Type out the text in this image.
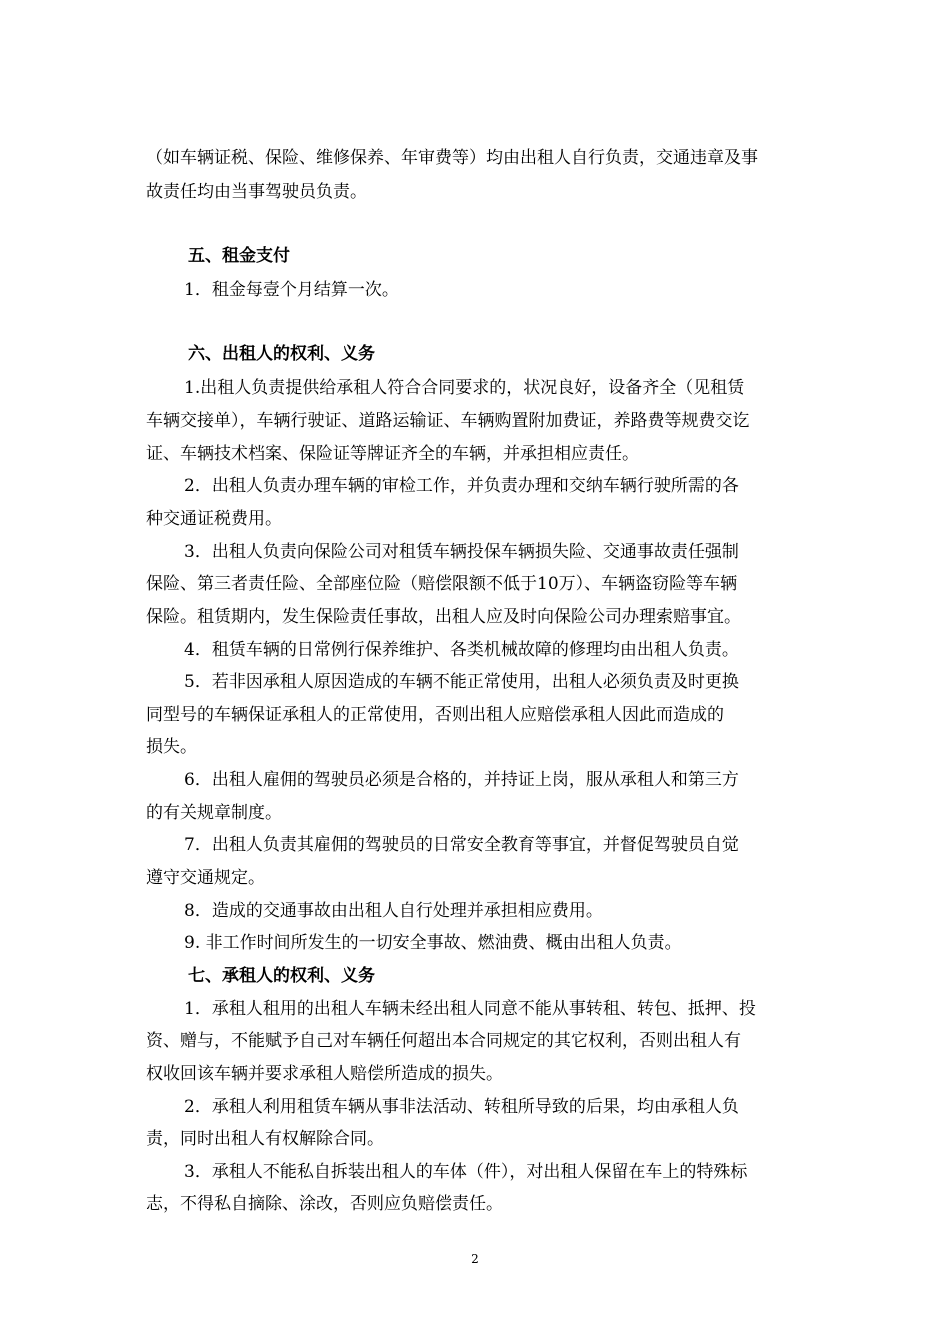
（如车辆证税、保险、维修保养、年审费等）均由出租人自行负责，交通违章及事
故责任均由当事驾驶员负责。
五、租金支付
1．租金每壹个月结算一次。
六、出租人的权利、义务
1.出租人负责提供给承租人符合合同要求的，状况良好，设备齐全（见租赁
车辆交接单），车辆行驶证、道路运输证、车辆购置附加费证，养路费等规费交讫
证、车辆技术档案、保险证等牌证齐全的车辆，并承担相应责任。
2．出租人负责办理车辆的审检工作，并负责办理和交纳车辆行驶所需的各
种交通证税费用。
3．出租人负责向保险公司对租赁车辆投保车辆损失险、交通事故责任强制
保险、第三者责任险、全部座位险（赔偿限额不低于10万）、车辆盗窃险等车辆
保险。租赁期内，发生保险责任事故，出租人应及时向保险公司办理索赔事宜。
4．租赁车辆的日常例行保养维护、各类机械故障的修理均由出租人负责。
5．若非因承租人原因造成的车辆不能正常使用，出租人必须负责及时更换
同型号的车辆保证承租人的正常使用，否则出租人应赔偿承租人因此而造成的
损失。
6．出租人雇佣的驾驶员必须是合格的，并持证上岗，服从承租人和第三方
的有关规章制度。
7．出租人负责其雇佣的驾驶员的日常安全教育等事宜，并督促驾驶员自觉
遵守交通规定。
8．造成的交通事故由出租人自行处理并承担相应费用。
9. 非工作时间所发生的一切安全事故、燃油费、概由出租人负责。
七、承租人的权利、义务
1．承租人租用的出租人车辆未经出租人同意不能从事转租、转包、抵押、投
资、赠与，不能赋予自己对车辆任何超出本合同规定的其它权利，否则出租人有
权收回该车辆并要求承租人赔偿所造成的损失。
2．承租人利用租赁车辆从事非法活动、转租所导致的后果，均由承租人负
责，同时出租人有权解除合同。
3．承租人不能私自拆装出租人的车体（件），对出租人保留在车上的特殊标
志，不得私自摘除、涂改，否则应负赔偿责任。
2
